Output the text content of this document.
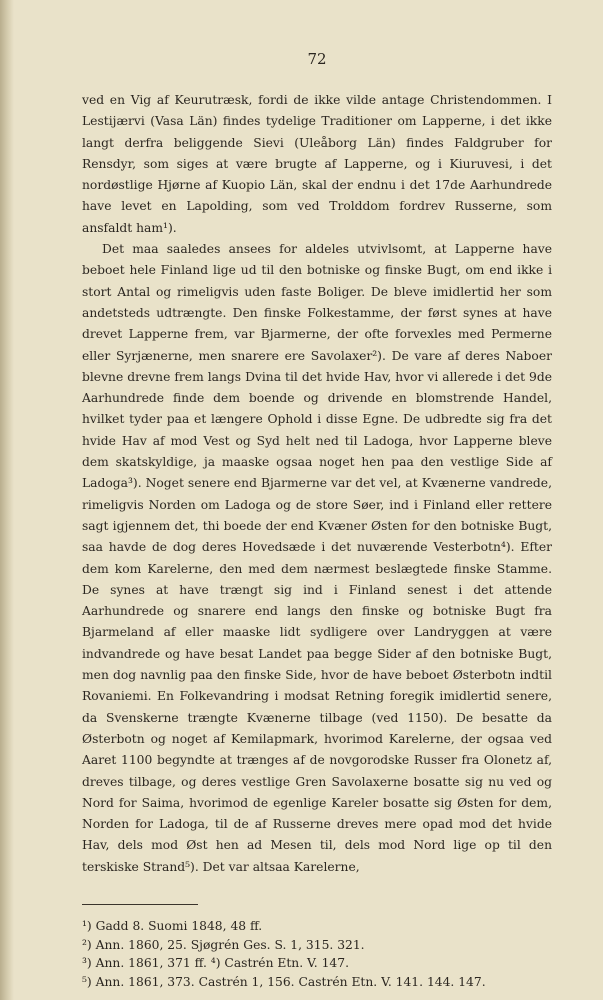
72

ved en Vig af Keurutræsk, fordi de ikke vilde antage Christendommen. I Lestijærvi (Vasa Län) findes tydelige Traditioner om Lapperne, i det ikke langt derfra beliggende Sievi (Uleåborg Län) findes Faldgruber for Rensdyr, som siges at være brugte af Lapperne, og i Kiuruvesi, i det nordøstlige Hjørne af Kuopio Län, skal der endnu i det 17de Aarhundrede have levet en Lapolding, som ved Trolddom fordrev Russerne, som ansfaldt ham¹).

Det maa saaledes ansees for aldeles utvivlsomt, at Lapperne have beboet hele Finland lige ud til den botniske og finske Bugt, om end ikke i stort Antal og rimeligvis uden faste Boliger. De bleve imidlertid her som andetsteds udtrængte. Den finske Folkestamme, der først synes at have drevet Lapperne frem, var Bjarmerne, der ofte forvexles med Permerne eller Syrjænerne, men snarere ere Savolaxer²). De vare af deres Naboer blevne drevne frem langs Dvina til det hvide Hav, hvor vi allerede i det 9de Aarhundrede finde dem boende og drivende en blomstrende Handel, hvilket tyder paa et længere Ophold i disse Egne. De udbredte sig fra det hvide Hav af mod Vest og Syd helt ned til Ladoga, hvor Lapperne bleve dem skatskyldige, ja maaske ogsaa noget hen paa den vestlige Side af Ladoga³). Noget senere end Bjarmerne var det vel, at Kvænerne vandrede, rimeligvis Norden om Ladoga og de store Søer, ind i Finland eller rettere sagt igjennem det, thi boede der end Kvæner Østen for den botniske Bugt, saa havde de dog deres Hovedsæde i det nuværende Vesterbotn⁴). Efter dem kom Karelerne, den med dem nærmest beslægtede finske Stamme. De synes at have trængt sig ind i Finland senest i det attende Aarhundrede og snarere end langs den finske og botniske Bugt fra Bjarmeland af eller maaske lidt sydligere over Landryggen at være indvandrede og have besat Landet paa begge Sider af den botniske Bugt, men dog navnlig paa den finske Side, hvor de have beboet Østerbotn indtil Rovaniemi. En Folkevandring i modsat Retning foregik imidlertid senere, da Svenskerne trængte Kvænerne tilbage (ved 1150). De besatte da Østerbotn og noget af Kemilapmark, hvorimod Karelerne, der ogsaa ved Aaret 1100 begyndte at trænges af de novgorodske Russer fra Olonetz af, dreves tilbage, og deres vestlige Gren Savolaxerne bosatte sig nu ved og Nord for Saima, hvorimod de egenlige Kareler bosatte sig Østen for dem, Norden for Ladoga, til de af Russerne dreves mere opad mod det hvide Hav, dels mod Øst hen ad Mesen til, dels mod Nord lige op til den terskiske Strand⁵). Det var altsaa Karelerne,

¹) Gadd 8. Suomi 1848, 48 ff.
²) Ann. 1860, 25. Sjøgrén Ges. S. 1, 315. 321.
³) Ann. 1861, 371 ff. ⁴) Castrén Etn. V. 147.
⁵) Ann. 1861, 373. Castrén 1, 156. Castrén Etn. V. 141. 144. 147.
